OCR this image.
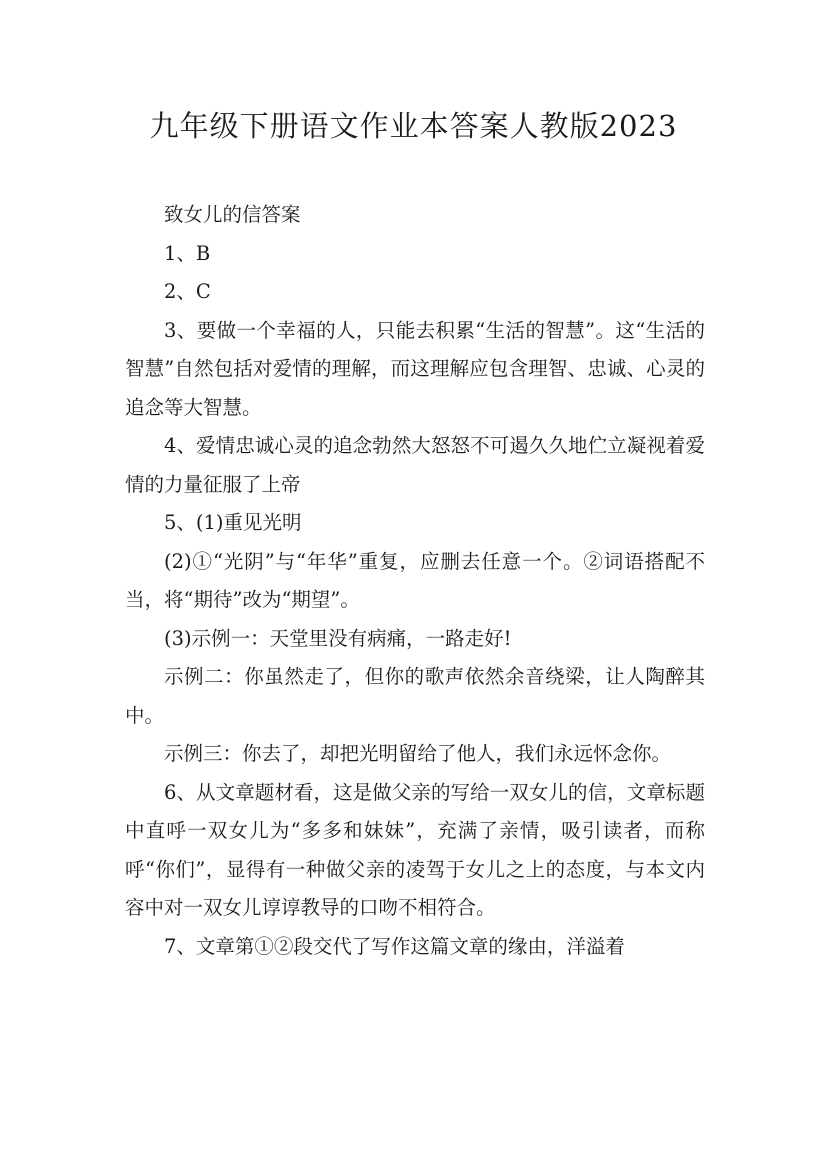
九年级下册语文作业本答案人教版2023

致女儿的信答案

1、B

2、C

3、要做一个幸福的人，只能去积累“生活的智慧”。这“生活的智慧”自然包括对爱情的理解，而这理解应包含理智、忠诚、心灵的追念等大智慧。

4、爱情忠诚心灵的追念勃然大怒怒不可遏久久地伫立凝视着爱情的力量征服了上帝

5、(1)重见光明

(2)①“光阴”与“年华”重复，应删去任意一个。②词语搭配不当，将“期待”改为“期望”。

(3)示例一：天堂里没有病痛，一路走好!

示例二：你虽然走了，但你的歌声依然余音绕梁，让人陶醉其中。

示例三：你去了，却把光明留给了他人，我们永远怀念你。

6、从文章题材看，这是做父亲的写给一双女儿的信，文章标题中直呼一双女儿为“多多和妹妹”，充满了亲情，吸引读者，而称呼“你们”，显得有一种做父亲的凌驾于女儿之上的态度，与本文内容中对一双女儿谆谆教导的口吻不相符合。

7、文章第①②段交代了写作这篇文章的缘由，洋溢着
